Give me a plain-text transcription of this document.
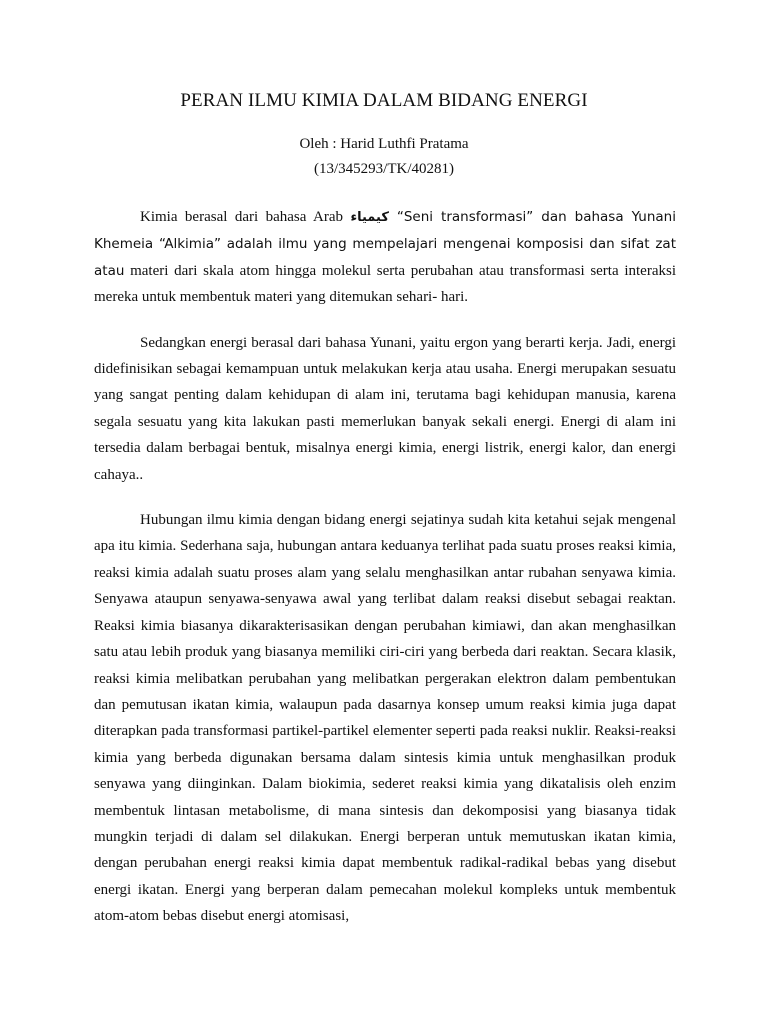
PERAN ILMU KIMIA DALAM BIDANG ENERGI
Oleh : Harid Luthfi Pratama
(13/345293/TK/40281)

Kimia berasal dari bahasa Arab كيمياء “Seni transformasi” dan bahasa Yunani Khemeia “Alkimia” adalah ilmu yang mempelajari mengenai komposisi dan sifat zat atau materi dari skala atom hingga molekul serta perubahan atau transformasi serta interaksi mereka untuk membentuk materi yang ditemukan sehari- hari.

Sedangkan energi berasal dari bahasa Yunani, yaitu ergon yang berarti kerja. Jadi, energi didefinisikan sebagai kemampuan untuk melakukan kerja atau usaha. Energi merupakan sesuatu yang sangat penting dalam kehidupan di alam ini, terutama bagi kehidupan manusia, karena segala sesuatu yang kita lakukan pasti memerlukan banyak sekali energi. Energi di alam ini tersedia dalam berbagai bentuk, misalnya energi kimia, energi listrik, energi kalor, dan energi cahaya..

Hubungan ilmu kimia dengan bidang energi sejatinya sudah kita ketahui sejak mengenal apa itu kimia. Sederhana saja, hubungan antara keduanya terlihat pada suatu proses reaksi kimia, reaksi kimia adalah suatu proses alam yang selalu menghasilkan antar rubahan senyawa kimia. Senyawa ataupun senyawa-senyawa awal yang terlibat dalam reaksi disebut sebagai reaktan. Reaksi kimia biasanya dikarakterisasikan dengan perubahan kimiawi, dan akan menghasilkan satu atau lebih produk yang biasanya memiliki ciri-ciri yang berbeda dari reaktan. Secara klasik, reaksi kimia melibatkan perubahan yang melibatkan pergerakan elektron dalam pembentukan dan pemutusan ikatan kimia, walaupun pada dasarnya konsep umum reaksi kimia juga dapat diterapkan pada transformasi partikel-partikel elementer seperti pada reaksi nuklir. Reaksi-reaksi kimia yang berbeda digunakan bersama dalam sintesis kimia untuk menghasilkan produk senyawa yang diinginkan. Dalam biokimia, sederet reaksi kimia yang dikatalisis oleh enzim membentuk lintasan metabolisme, di mana sintesis dan dekomposisi yang biasanya tidak mungkin terjadi di dalam sel dilakukan. Energi berperan untuk memutuskan ikatan kimia, dengan perubahan energi reaksi kimia dapat membentuk radikal-radikal bebas yang disebut energi ikatan. Energi yang berperan dalam pemecahan molekul kompleks untuk membentuk atom-atom bebas disebut energi atomisasi,
